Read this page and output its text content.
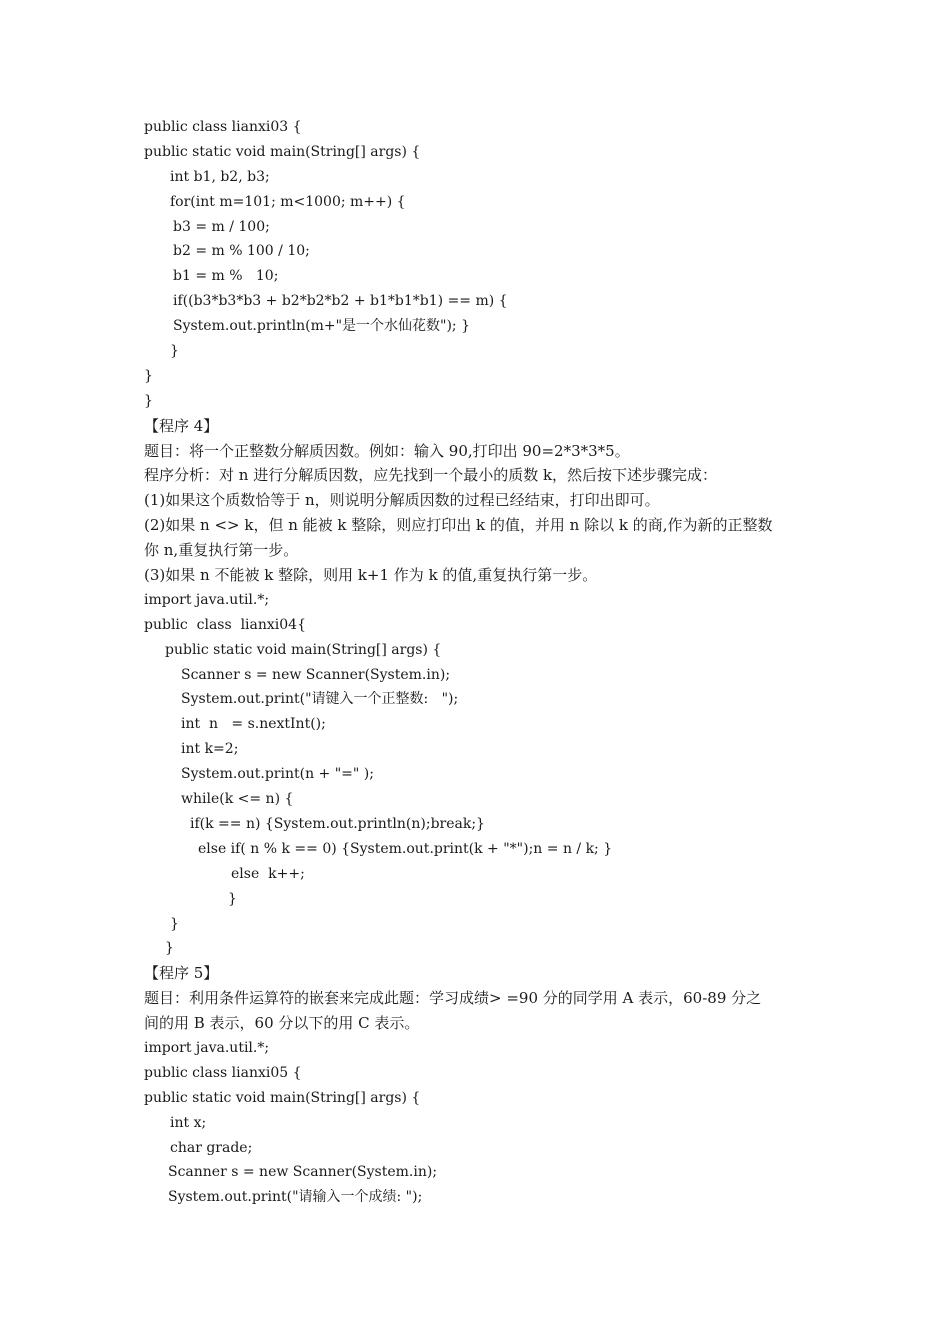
public class lianxi03 {
public static void main(String[] args) {
int b1, b2, b3;
for(int m=101; m<1000; m++) {
b3 = m / 100;
b2 = m % 100 / 10;
b1 = m %   10;
if((b3*b3*b3 + b2*b2*b2 + b1*b1*b1) == m) {
System.out.println(m+"是一个水仙花数"); }
}
}
}
【程序 4】
题目：将一个正整数分解质因数。例如：输入 90,打印出 90=2*3*3*5。
程序分析：对 n 进行分解质因数，应先找到一个最小的质数 k，然后按下述步骤完成：
(1)如果这个质数恰等于 n，则说明分解质因数的过程已经结束，打印出即可。
(2)如果 n <> k，但 n 能被 k 整除，则应打印出 k 的值，并用 n 除以 k 的商,作为新的正整数
你 n,重复执行第一步。
(3)如果 n 不能被 k 整除，则用 k+1 作为 k 的值,重复执行第一步。
import java.util.*;
public  class  lianxi04{
public static void main(String[] args) {
Scanner s = new Scanner(System.in);
System.out.print("请键入一个正整数:   ");
int  n   = s.nextInt();
int k=2;
System.out.print(n + "=" );
while(k <= n) {
if(k == n) {System.out.println(n);break;}
else if( n % k == 0) {System.out.print(k + "*");n = n / k; }
else  k++;
}
}
}
【程序 5】
题目：利用条件运算符的嵌套来完成此题：学习成绩> =90 分的同学用 A 表示，60-89 分之
间的用 B 表示，60 分以下的用 C 表示。
import java.util.*;
public class lianxi05 {
public static void main(String[] args) {
int x;
char grade;
Scanner s = new Scanner(System.in);
System.out.print("请输入一个成绩: ");
